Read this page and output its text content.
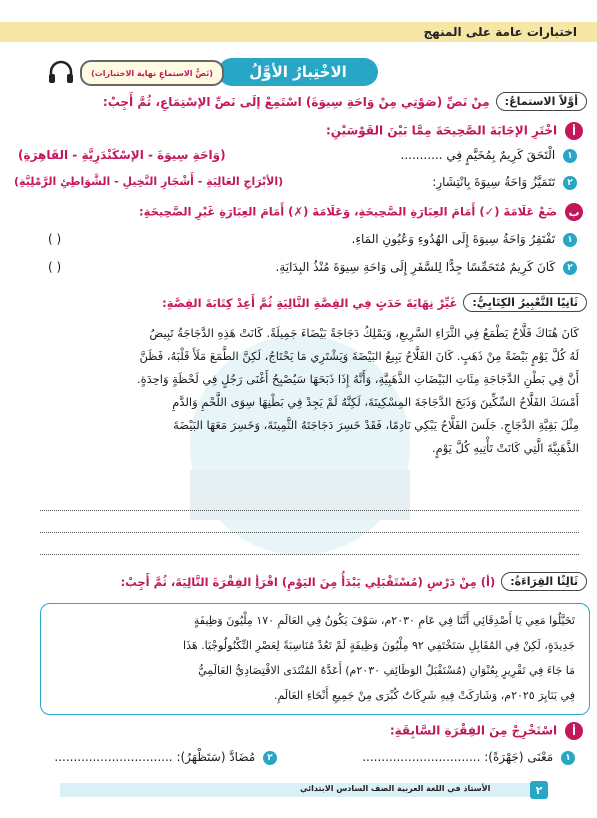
اختبارات عامة على المنهج
الاخْتِبارُ الأوَّلُ
(نَصُّ الاستماعِ نهاية الاختبارات)
أوَّلاً الاستماعُ:
مِنْ نَصِّ (صَوْتِي مِنْ وَاحَةِ سِيوَةَ) اسْتَمِعْ إلَى نَصِّ الإسْتِمَاعِ، ثُمَّ أَجِبْ:
أ اخْتَرِ الإجَابَةَ الصَّحِيحَةَ مِمَّا بَيْنَ القَوْسَيْنِ:
١ الْتَحَقَ كَرِيمٌ بِمُخَيَّمٍ فِي ...........
(وَاحَةِ سِيوَةَ - الإسْكَنْدَرِيَّةِ - القَاهِرَةِ)
٢ تَتَمَيَّزُ وَاحَةُ سِيوَةَ بِانْتِشَارِ:
(الأبْرَاجِ العَالِيَةِ - أَشْجَارِ النَّخِيلِ - الشَّوَاطِئِ الرَّمْلِيَّةِ)
ب ضَعْ عَلَامَةَ (✓) أَمَامَ العِبَارَةِ الصَّحِيحَةِ، وَعَلَامَةَ (✗) أَمَامَ العِبَارَةِ غَيْرِ الصَّحِيحَةِ:
١ تَفْتَقِرُ وَاحَةُ سِيوَةَ إِلَى الهُدُوءِ وَعُيُونِ المَاءِ.
( )
٢ كَانَ كَرِيمٌ مُتَحَمِّسًا جِدًّا لِلسَّفَرِ إِلَى وَاحَةِ سِيوَةَ مُنْذُ البِدَايَةِ.
( )
ثَانِيًا التَّعْبِيرُ الكِتَابِيُّ:
غَيِّرْ نِهَايَةَ حَدَثٍ فِي القِصَّةِ التَّالِيَةِ ثُمَّ أَعِدْ كِتَابَةَ القِصَّةِ:
كَانَ هُنَاكَ فَلَّاحٌ يَطْمَعُ فِي الثَّرَاءِ السَّرِيعِ، وَيَمْلِكُ دَجَاجَةً بَيْضَاءَ جَمِيلَةً. كَانَتْ هَذِهِ الدَّجَاجَةُ تَبِيضُ
لَهُ كُلَّ يَوْمٍ بَيْضَةً مِنْ ذَهَبٍ. كَانَ الفَلَّاحُ يَبِيعُ البَيْضَةَ وَيَشْتَرِي مَا يَحْتَاجُ، لَكِنَّ الطَّمَعَ مَلَأَ قَلْبَهُ، فَظَنَّ
أَنَّ فِي بَطْنِ الدَّجَاجَةِ مِئَاتِ البَيْضَاتِ الذَّهَبِيَّةِ، وَأَنَّهُ إِذَا ذَبَحَهَا سَيُصْبِحُ أَغْنَى رَجُلٍ فِي لَحْظَةٍ وَاحِدَةٍ.
أَمْسَكَ الفَلَّاحُ السِّكِّينَ وَذَبَحَ الدَّجَاجَةَ المِسْكِينَةَ، لَكِنَّهُ لَمْ يَجِدْ فِي بَطْنِهَا سِوَى اللَّحْمِ وَالدَّمِ
مِثْلَ بَقِيَّةِ الدَّجَاجِ. جَلَسَ الفَلَّاحُ يَبْكِي نَادِمًا، فَقَدْ خَسِرَ دَجَاجَتَهُ الثَّمِينَةَ، وَخَسِرَ مَعَهَا البَيْضَةَ
الذَّهَبِيَّةَ الَّتِي كَانَتْ تَأْتِيهِ كُلَّ يَوْمٍ.
ثَالِثًا القِرَاءَةُ:
(أ) مِنْ دَرْسِ (مُسْتَقْبَلِي يَبْدَأُ مِنَ اليَوْمِ) اقْرَأِ الفِقْرَةَ التَّالِيَةَ، ثُمَّ أَجِبْ:
تَخَيَّلُوا مَعِي يَا أَصْدِقَائِي أَنَّنَا فِي عَامِ ٢٠٣٠م، سَوْفَ يَكُونُ فِي العَالَمِ ١٧٠ مِلْيُونَ وَظِيفَةٍ
جَدِيدَةٍ، لَكِنْ فِي المُقَابِلِ سَتَخْتَفِي ٩٢ مِلْيُونَ وَظِيفَةٍ لَمْ تَعُدْ مُنَاسِبَةً لِعَصْرِ التِّكْنُولُوجْيَا. هَذَا
مَا جَاءَ فِي تَقْرِيرٍ بِعُنْوَانِ (مُسْتَقْبَلُ الوَظَائِفِ ٢٠٣٠م) أَعَدَّهُ المُنْتَدَى الاقْتِصَادِيُّ العَالَمِيُّ
فِي يَنَايِرَ ٢٠٢٥م، وَشَارَكَتْ فِيهِ شَرِكَاتٌ كُبْرَى مِنْ جَمِيعِ أَنْحَاءِ العَالَمِ.
أ اسْتَخْرِجْ مِنَ الفِقْرَةِ السَّابِقَةِ:
١ مَعْنَى (جَهْرَةً): ...............................
٢ مُضَادَّ (سَتَظْهَرُ): ...............................
الأستاذ في اللغة العربية الصف السادس الابتدائي	٢
